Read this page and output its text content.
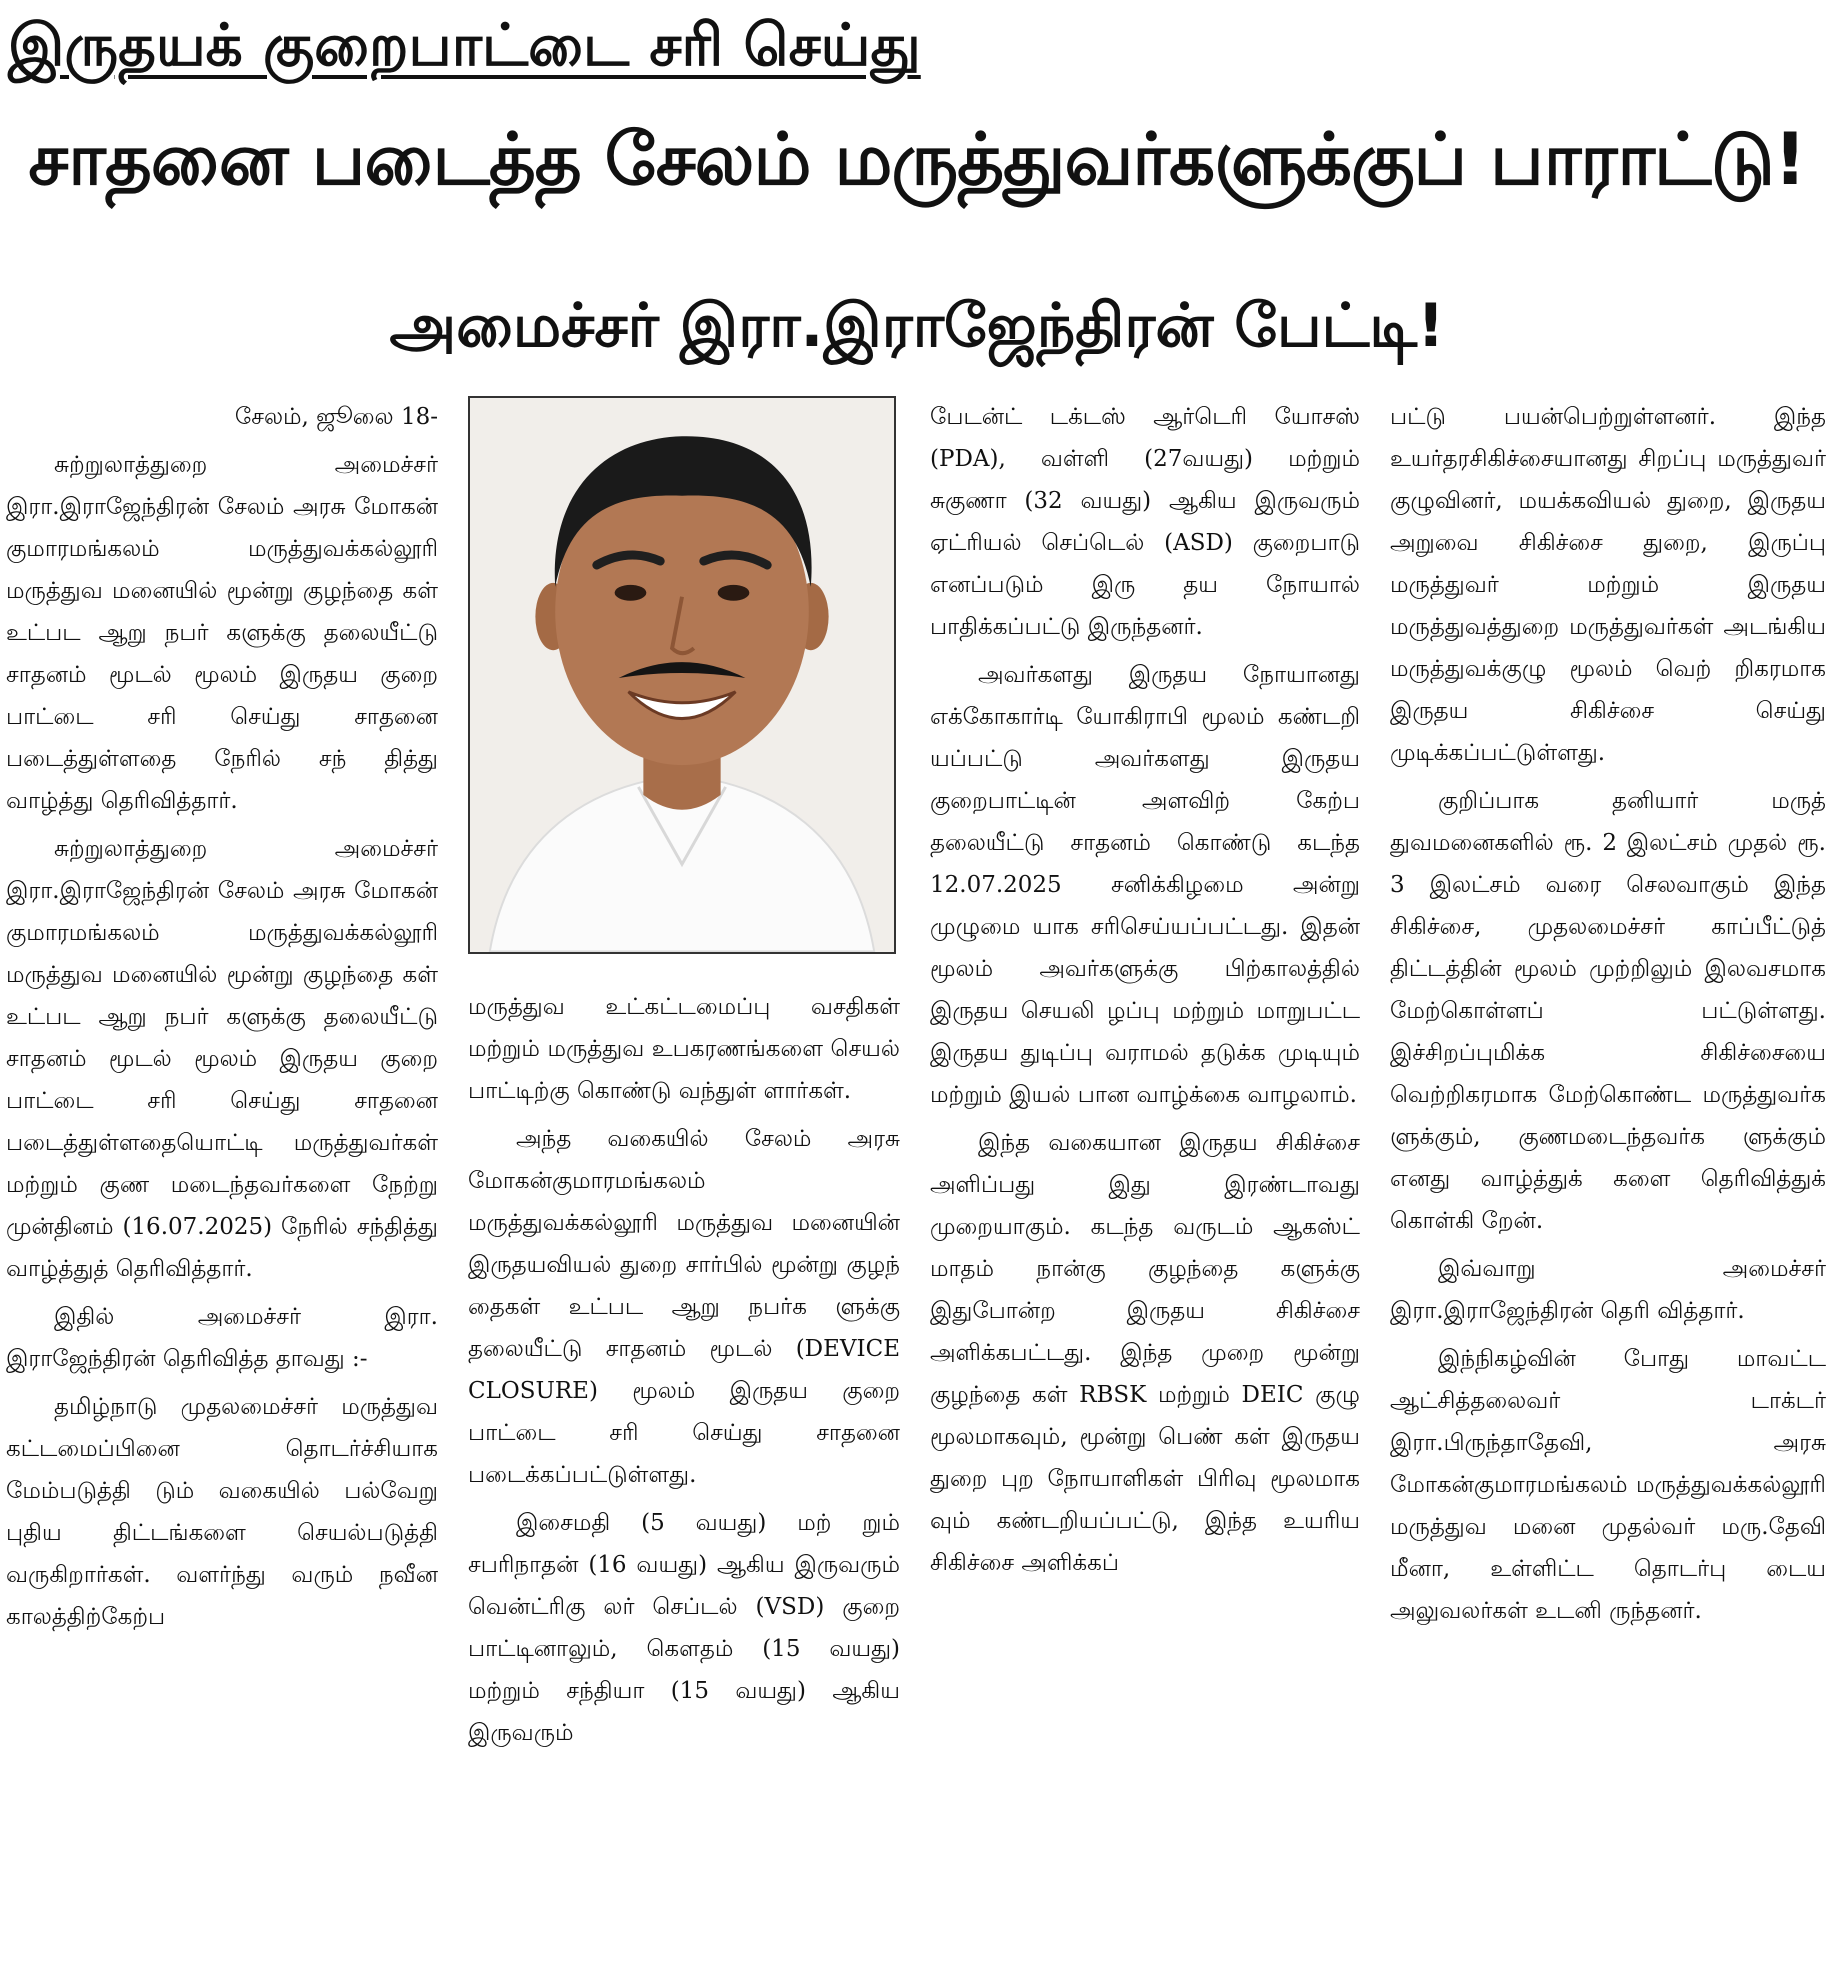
இருதயக் குறைபாட்டை சரி செய்து
சாதனை படைத்த சேலம் மருத்துவர்களுக்குப் பாராட்டு!
அமைச்சர் இரா.இராஜேந்திரன் பேட்டி!

சேலம், ஜூலை 18-

சுற்றுலாத்துறை அமைச்சர் இரா.இராஜேந்திரன் சேலம் அரசு மோகன் குமாரமங்கலம் மருத்துவக்கல்லூரி மருத்துவ மனையில் மூன்று குழந்தை கள் உட்பட ஆறு நபர் களுக்கு தலையீட்டு சாதனம் மூடல் மூலம் இருதய குறை பாட்டை சரி செய்து சாதனை படைத்துள்ளதை நேரில் சந் தித்து வாழ்த்து தெரிவித்தார்.

சுற்றுலாத்துறை அமைச்சர் இரா.இராஜேந்திரன் சேலம் அரசு மோகன் குமாரமங்கலம் மருத்துவக்கல்லூரி மருத்துவ மனையில் மூன்று குழந்தை கள் உட்பட ஆறு நபர் களுக்கு தலையீட்டு சாதனம் மூடல் மூலம் இருதய குறை பாட்டை சரி செய்து சாதனை படைத்துள்ளதையொட்டி மருத்துவர்கள் மற்றும் குண மடைந்தவர்களை நேற்று முன்தினம் (16.07.2025) நேரில் சந்தித்து வாழ்த்துத் தெரிவித்தார்.

இதில் அமைச்சர் இரா. இராஜேந்திரன் தெரிவித்த தாவது :-

தமிழ்நாடு முதலமைச்சர் மருத்துவ கட்டமைப்பினை தொடர்ச்சியாக மேம்படுத்தி டும் வகையில் பல்வேறு புதிய திட்டங்களை செயல்படுத்தி வருகிறார்கள். வளர்ந்து வரும் நவீன காலத்திற்கேற்ப

மருத்துவ உட்கட்டமைப்பு வசதிகள் மற்றும் மருத்துவ உபகரணங்களை செயல் பாட்டிற்கு கொண்டு வந்துள் ளார்கள்.

அந்த வகையில் சேலம் அரசு மோகன்குமாரமங்கலம் மருத்துவக்கல்லூரி மருத்துவ மனையின் இருதயவியல் துறை சார்பில் மூன்று குழந் தைகள் உட்பட ஆறு நபர்க ளுக்கு தலையீட்டு சாதனம் மூடல் (DEVICE CLOSURE) மூலம் இருதய குறை பாட்டை சரி செய்து சாதனை படைக்கப்பட்டுள்ளது.

இசைமதி (5 வயது) மற் றும் சபரிநாதன் (16 வயது) ஆகிய இருவரும் வென்ட்ரிகு லர் செப்டல் (VSD) குறை பாட்டினாலும், கௌதம் (15 வயது) மற்றும் சந்தியா (15 வயது) ஆகிய இருவரும்

பேடன்ட் டக்டஸ் ஆர்டெரி யோசஸ் (PDA), வள்ளி (27வயது) மற்றும் சுகுணா (32 வயது) ஆகிய இருவரும் ஏட்ரியல் செப்டெல் (ASD) குறைபாடு எனப்படும் இரு தய நோயால் பாதிக்கப்பட்டு இருந்தனர்.

அவர்களது இருதய நோயானது எக்கோகார்டி யோகிராபி மூலம் கண்டறி யப்பட்டு அவர்களது இருதய குறைபாட்டின் அளவிற் கேற்ப தலையீட்டு சாதனம் கொண்டு கடந்த 12.07.2025 சனிக்கிழமை அன்று முழுமை யாக சரிசெய்யப்பட்டது. இதன் மூலம் அவர்களுக்கு பிற்காலத்தில் இருதய செயலி ழப்பு மற்றும் மாறுபட்ட இருதய துடிப்பு வராமல் தடுக்க முடியும் மற்றும் இயல் பான வாழ்க்கை வாழலாம்.

இந்த வகையான இருதய சிகிச்சை அளிப்பது இது இரண்டாவது முறையாகும். கடந்த வருடம் ஆகஸ்ட் மாதம் நான்கு குழந்தை களுக்கு இதுபோன்ற இருதய சிகிச்சை அளிக்கபட்டது. இந்த முறை மூன்று குழந்தை கள் RBSK மற்றும் DEIC குழு மூலமாகவும், மூன்று பெண் கள் இருதய துறை புற நோயாளிகள் பிரிவு மூலமாக வும் கண்டறியப்பட்டு, இந்த உயரிய சிகிச்சை அளிக்கப்

பட்டு பயன்பெற்றுள்ளனர். இந்த உயர்தரசிகிச்சையானது சிறப்பு மருத்துவர் குழுவினர், மயக்கவியல் துறை, இருதய அறுவை சிகிச்சை துறை, இருப்பு மருத்துவர் மற்றும் இருதய மருத்துவத்துறை மருத்துவர்கள் அடங்கிய மருத்துவக்குழு மூலம் வெற் றிகரமாக இருதய சிகிச்சை செய்து முடிக்கப்பட்டுள்ளது.

குறிப்பாக தனியார் மருத் துவமனைகளில் ரூ. 2 இலட்சம் முதல் ரூ. 3 இலட்சம் வரை செலவாகும் இந்த சிகிச்சை, முதலமைச்சர் காப்பீட்டுத் திட்டத்தின் மூலம் முற்றிலும் இலவசமாக மேற்கொள்ளப் பட்டுள்ளது. இச்சிறப்புமிக்க சிகிச்சையை வெற்றிகரமாக மேற்கொண்ட மருத்துவர்க ளுக்கும், குணமடைந்தவர்க ளுக்கும் எனது வாழ்த்துக் களை தெரிவித்துக் கொள்கி றேன்.

இவ்வாறு அமைச்சர் இரா.இராஜேந்திரன் தெரி வித்தார்.

இந்நிகழ்வின் போது மாவட்ட ஆட்சித்தலைவர் டாக்டர் இரா.பிருந்தாதேவி, அரசு மோகன்குமாரமங்கலம் மருத்துவக்கல்லூரி மருத்துவ மனை முதல்வர் மரு.தேவி மீனா, உள்ளிட்ட தொடர்பு டைய அலுவலர்கள் உடனி ருந்தனர்.
